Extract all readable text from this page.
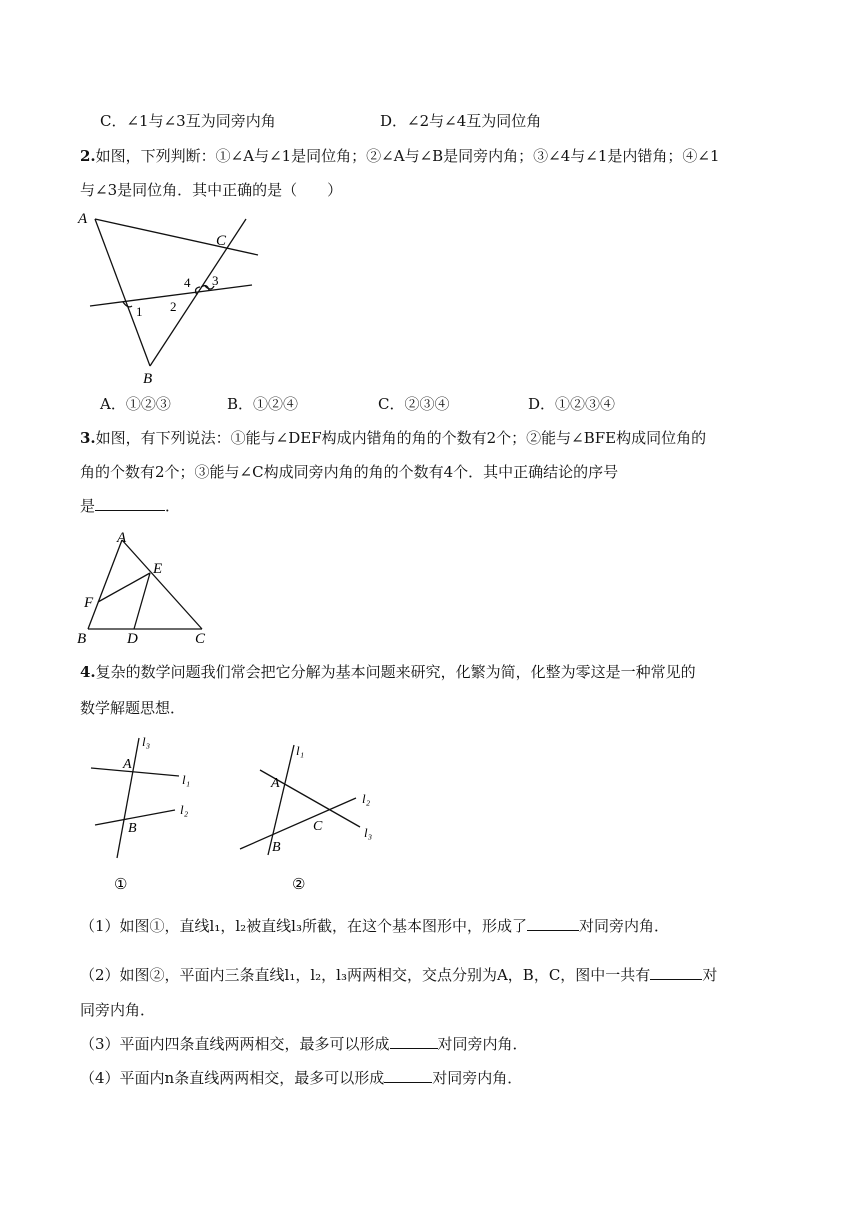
C．∠1与∠3互为同旁内角	D．∠2与∠4互为同位角
2.如图，下列判断：①∠A与∠1是同位角；②∠A与∠B是同旁内角；③∠4与∠1是内错角；④∠1
与∠3是同位角．其中正确的是（　　）
A
B
C
1 2
3
4
A．①②③	B．①②④	C．②③④	D．①②③④
3.如图，有下列说法：①能与∠DEF构成内错角的角的个数有2个；②能与∠BFE构成同位角的
角的个数有2个；③能与∠C构成同旁内角的角的个数有4个．其中正确结论的序号
是	．
A
B	C
D
E
F
4.复杂的数学问题我们常会把它分解为基本问题来研究，化繁为简，化整为零这是一种常见的
数学解题思想．
l₃
l₁
l₂
A
B
①
l₁
l₂
l₃
A
B
C
②
（1）如图①，直线l₁，l₂被直线l₃所截，在这个基本图形中，形成了	对同旁内角．
（2）如图②，平面内三条直线l₁，l₂，l₃两两相交，交点分别为A，B，C，图中一共有	对
同旁内角．
（3）平面内四条直线两两相交，最多可以形成	对同旁内角．
（4）平面内n条直线两两相交，最多可以形成	对同旁内角．
